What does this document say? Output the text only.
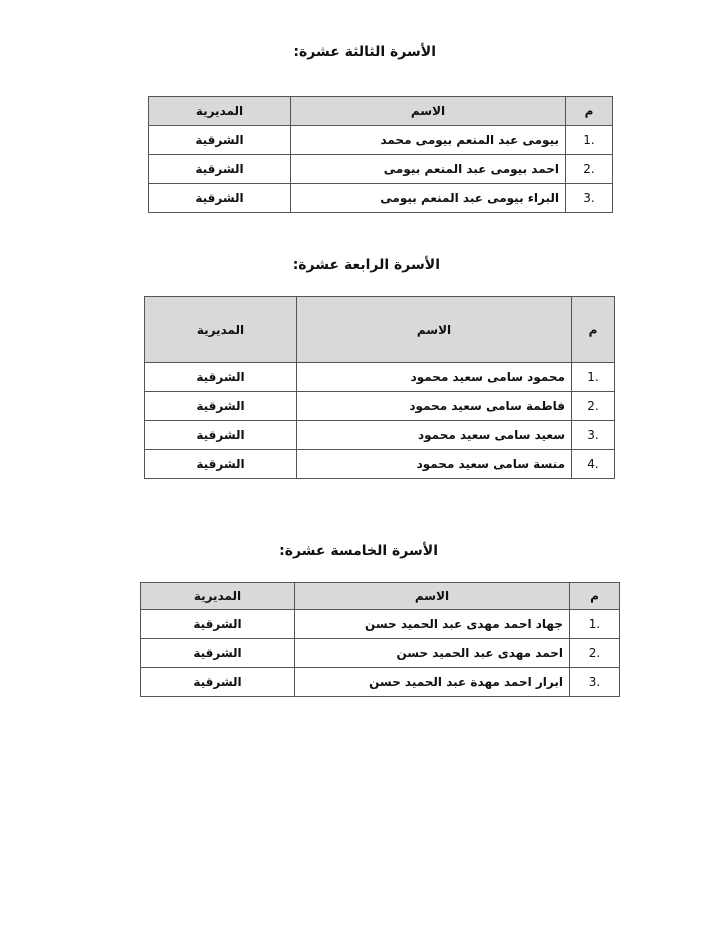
الأسرة الثالثة عشرة:
م	الاسم	المديرية
1.	بيومى عبد المنعم بيومى محمد	الشرقية
2.	احمد بيومى عبد المنعم بيومى	الشرقية
3.	البراء بيومى عبد المنعم بيومى	الشرقية
الأسرة الرابعة عشرة:
م	الاسم	المديرية
1.	محمود سامى سعيد محمود	الشرقية
2.	فاطمة سامى سعيد محمود	الشرقية
3.	سعيد سامى سعيد محمود	الشرقية
4.	منسة سامى سعيد محمود	الشرقية
الأسرة الخامسة عشرة:
م	الاسم	المديرية
1.	جهاد احمد مهدى عبد الحميد حسن	الشرقية
2.	احمد مهدى عبد الحميد حسن	الشرقية
3.	ابرار احمد مهدة عبد الحميد حسن	الشرقية
